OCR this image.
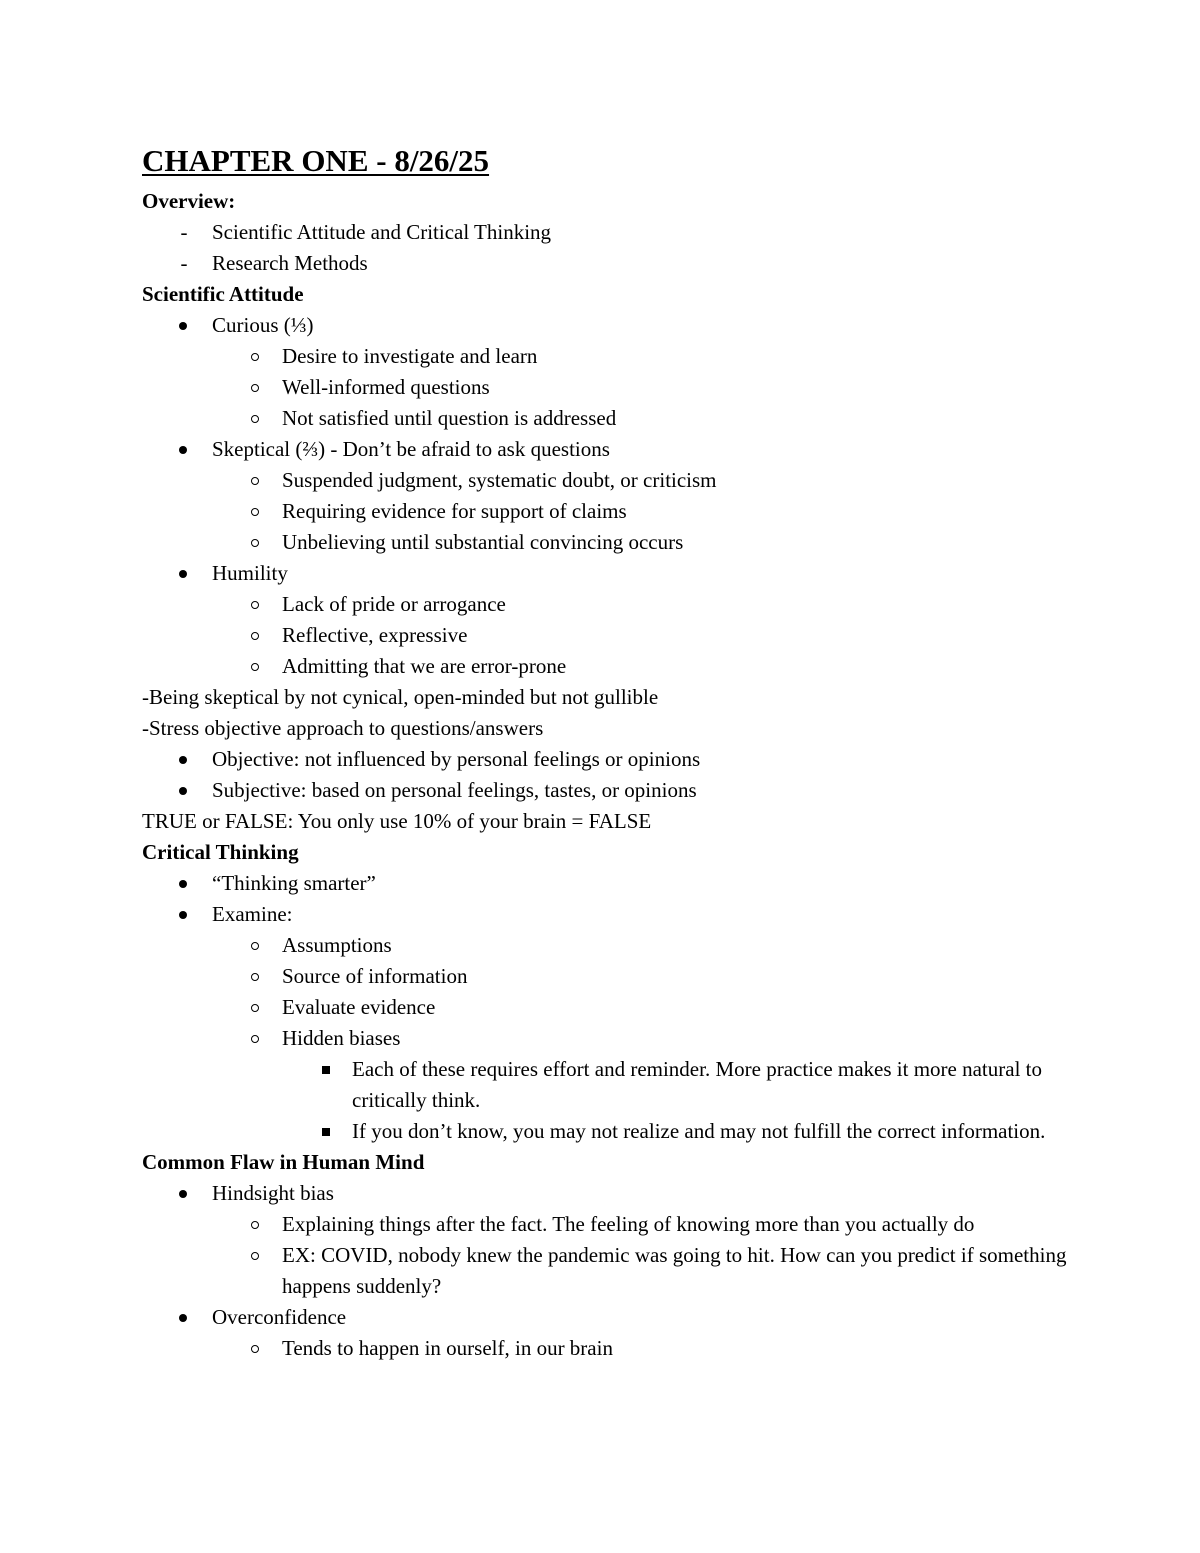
CHAPTER ONE - 8/26/25
Overview:
-	Scientific Attitude and Critical Thinking
-	Research Methods
Scientific Attitude
Curious (⅓)
Desire to investigate and learn
Well-informed questions
Not satisfied until question is addressed
Skeptical (⅔) - Don’t be afraid to ask questions
Suspended judgment, systematic doubt, or criticism
Requiring evidence for support of claims
Unbelieving until substantial convincing occurs
Humility
Lack of pride or arrogance
Reflective, expressive
Admitting that we are error-prone
-Being skeptical by not cynical, open-minded but not gullible
-Stress objective approach to questions/answers
Objective: not influenced by personal feelings or opinions
Subjective: based on personal feelings, tastes, or opinions
TRUE or FALSE: You only use 10% of your brain = FALSE
Critical Thinking
“Thinking smarter”
Examine:
Assumptions
Source of information
Evaluate evidence
Hidden biases
Each of these requires effort and reminder. More practice makes it more natural to critically think.
If you don’t know, you may not realize and may not fulfill the correct information.
Common Flaw in Human Mind
Hindsight bias
Explaining things after the fact. The feeling of knowing more than you actually do
EX: COVID, nobody knew the pandemic was going to hit. How can you predict if something happens suddenly?
Overconfidence
Tends to happen in ourself, in our brain
